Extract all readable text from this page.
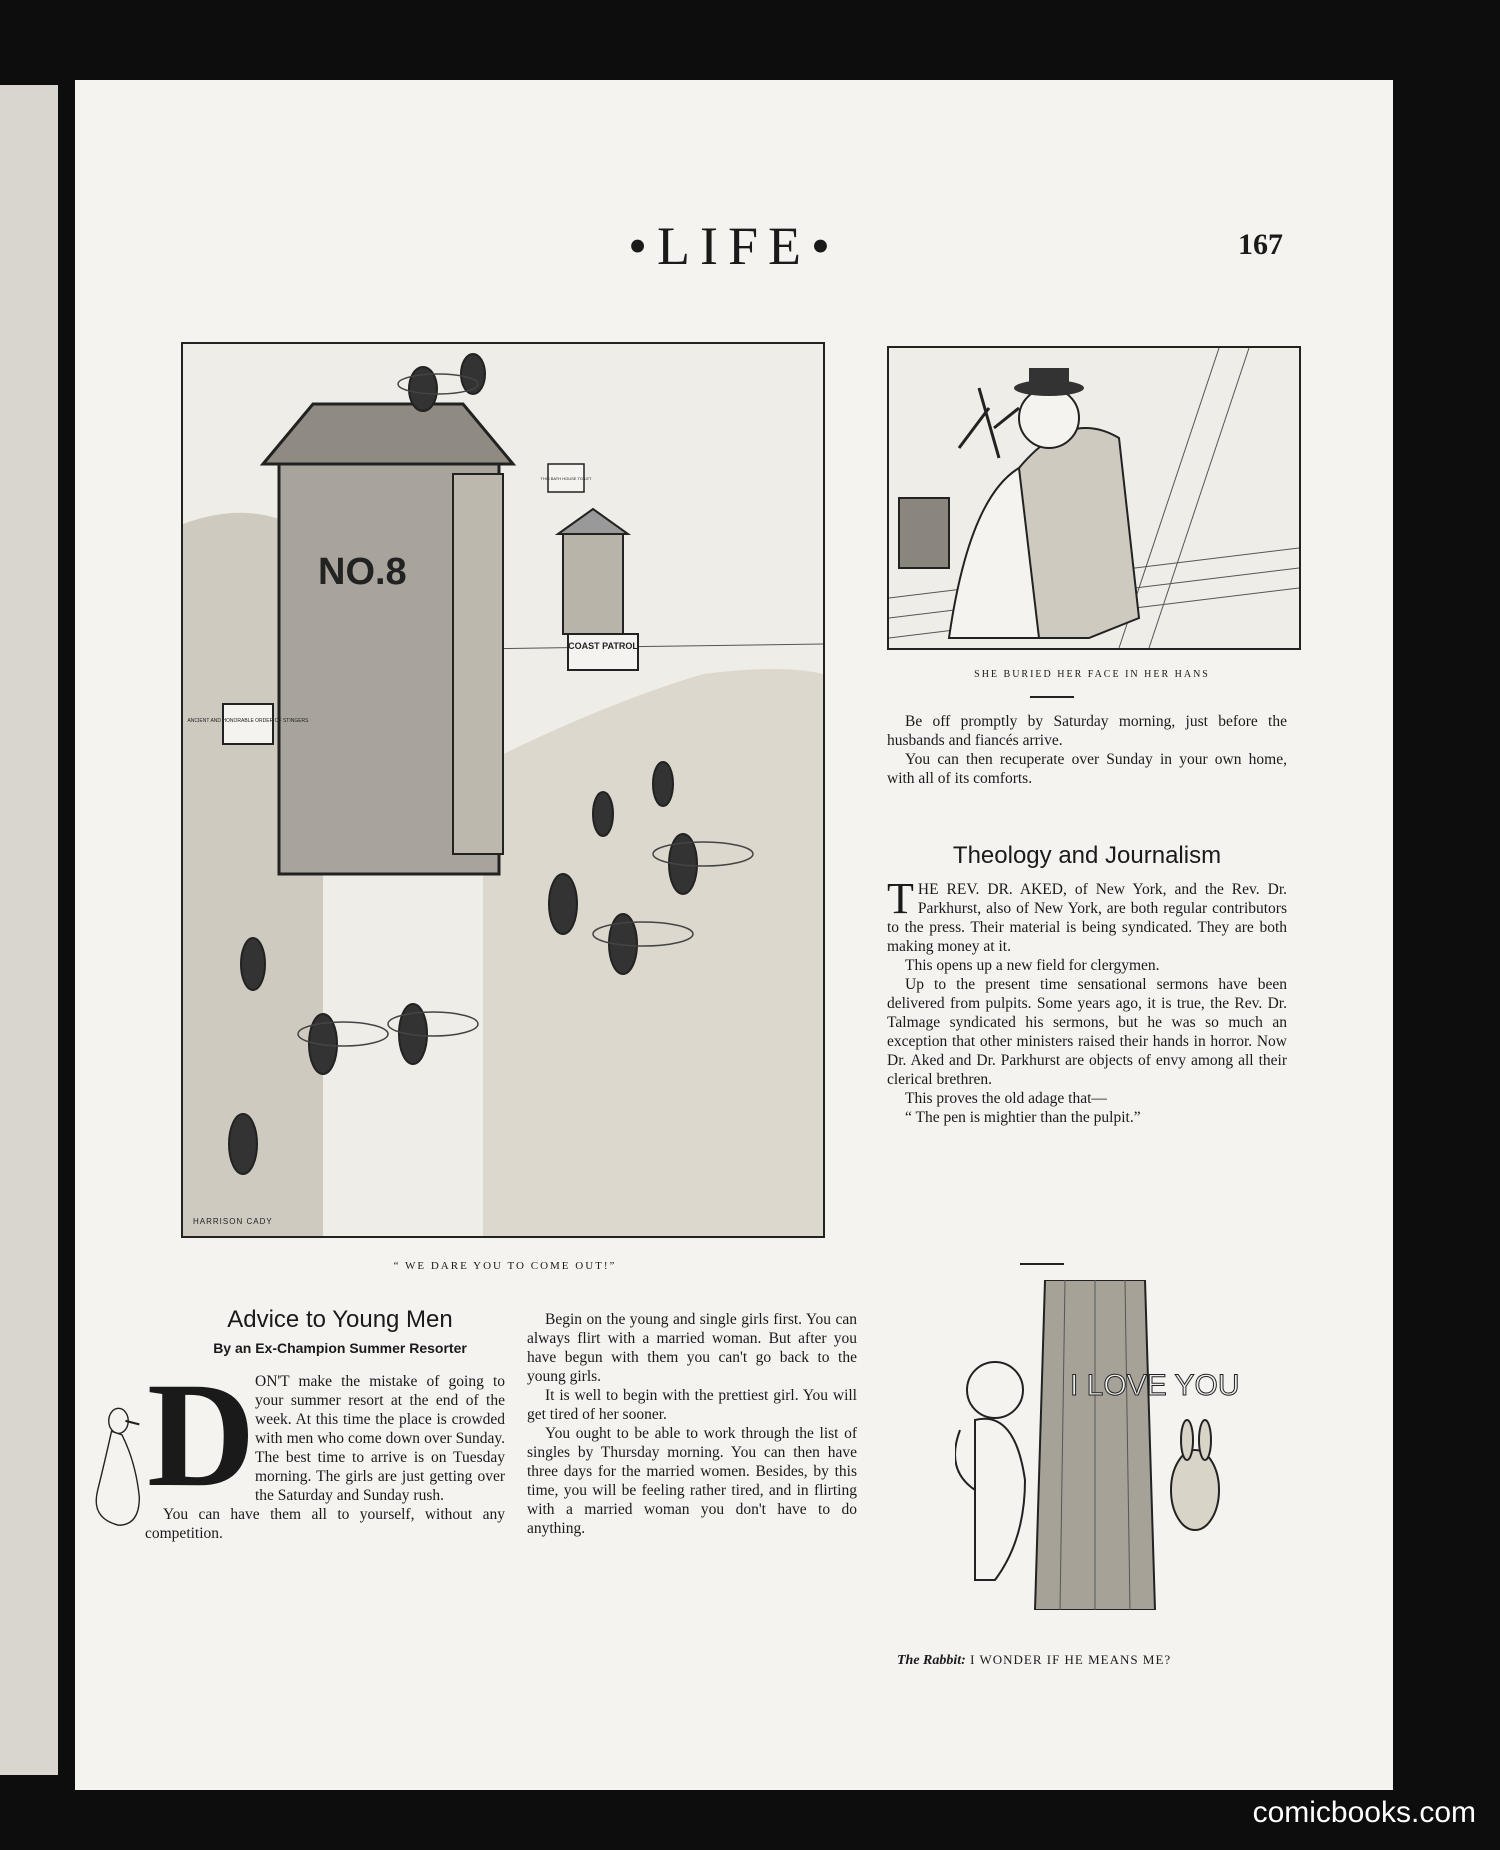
•LIFE•	167
NO.8
COAST PATROL
ANCIENT AND HONORABLE ORDER OF STINGERS
THIS BATH HOUSE TO LET
HARRISON CADY
“ WE DARE YOU TO COME OUT!”
SHE BURIED HER FACE IN HER HANS

Be off promptly by Saturday morning, just before the husbands and fiancés arrive.

You can then recuperate over Sunday in your own home, with all of its comforts.

Theology and Journalism

THE REV. DR. AKED, of New York, and the Rev. Dr. Parkhurst, also of New York, are both regular contributors to the press. Their material is being syndicated. They are both making money at it.

This opens up a new field for clergymen.

Up to the present time sensational sermons have been delivered from pulpits. Some years ago, it is true, the Rev. Dr. Talmage syndicated his sermons, but he was so much an exception that other ministers raised their hands in horror. Now Dr. Aked and Dr. Parkhurst are objects of envy among all their clerical brethren.

This proves the old adage that—

“ The pen is mightier than the pulpit.”

I LOVE YOU
The Rabbit: I WONDER IF HE MEANS ME?
Advice to Young Men
By an Ex-Champion Summer Resorter
D ON'T make the mistake of going to your summer resort at the end of the week. At this time the place is crowded with men who come down over Sunday. The best time to arrive is on Tuesday morning. The girls are just getting over the Saturday and Sunday rush.

You can have them all to yourself, without any competition.

Begin on the young and single girls first. You can always flirt with a married woman. But after you have begun with them you can't go back to the young girls.

It is well to begin with the prettiest girl. You will get tired of her sooner.

You ought to be able to work through the list of singles by Thursday morning. You can then have three days for the married women. Besides, by this time, you will be feeling rather tired, and in flirting with a married woman you don't have to do anything.

comicbooks.com
